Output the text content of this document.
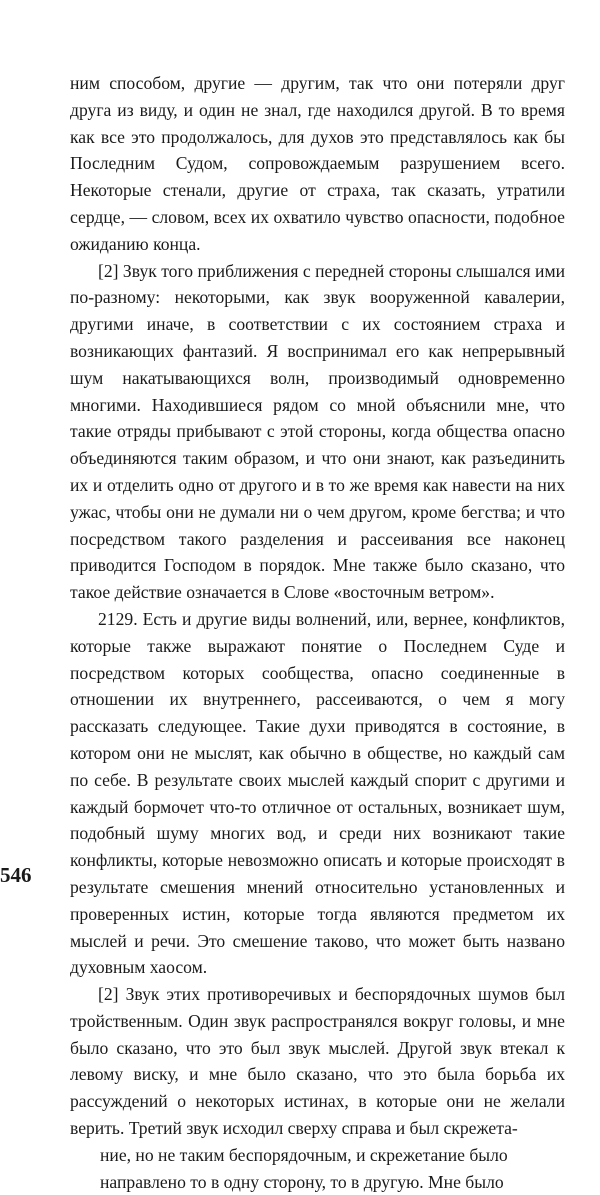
ним способом, другие — другим, так что они потеряли друг друга из виду, и один не знал, где находился другой. В то время как все это продолжалось, для духов это представлялось как бы Последним Судом, сопровождаемым разрушением всего. Некоторые стенали, другие от страха, так сказать, утратили сердце, — словом, всех их охватило чувство опасности, подобное ожиданию конца.

[2] Звук того приближения с передней стороны слышался ими по-разному: некоторыми, как звук вооруженной кавалерии, другими иначе, в соответствии с их состоянием страха и возникающих фантазий. Я воспринимал его как непрерывный шум накатывающихся волн, производимый одновременно многими. Находившиеся рядом со мной объяснили мне, что такие отряды прибывают с этой стороны, когда общества опасно объединяются таким образом, и что они знают, как разъединить их и отделить одно от другого и в то же время как навести на них ужас, чтобы они не думали ни о чем другом, кроме бегства; и что посредством такого разделения и рассеивания все наконец приводится Господом в порядок. Мне также было сказано, что такое действие означается в Слове «восточным ветром».

2129. Есть и другие виды волнений, или, вернее, конфликтов, которые также выражают понятие о Последнем Суде и посредством которых сообщества, опасно соединенные в отношении их внутреннего, рассеиваются, о чем я могу рассказать следующее. Такие духи приводятся в состояние, в котором они не мыслят, как обычно в обществе, но каждый сам по себе. В результате своих мыслей каждый спорит с другими и каждый бормочет что-то отличное от остальных, возникает шум, подобный шуму многих вод, и среди них возникают такие конфликты, которые невозможно описать и которые происходят в результате смешения мнений относительно установленных и проверенных истин, которые тогда являются предметом их мыслей и речи. Это смешение таково, что может быть названо духовным хаосом.

[2] Звук этих противоречивых и беспорядочных шумов был тройственным. Один звук распространялся вокруг головы, и мне было сказано, что это был звук мыслей. Другой звук втекал к левому виску, и мне было сказано, что это была борьба их рассуждений о некоторых истинах, в которые они не желали верить. Третий звук исходил сверху справа и был скрежета-

ние, но не таким беспорядочным, и скрежетание было
направлено то в одну сторону, то в другую. Мне было
546
